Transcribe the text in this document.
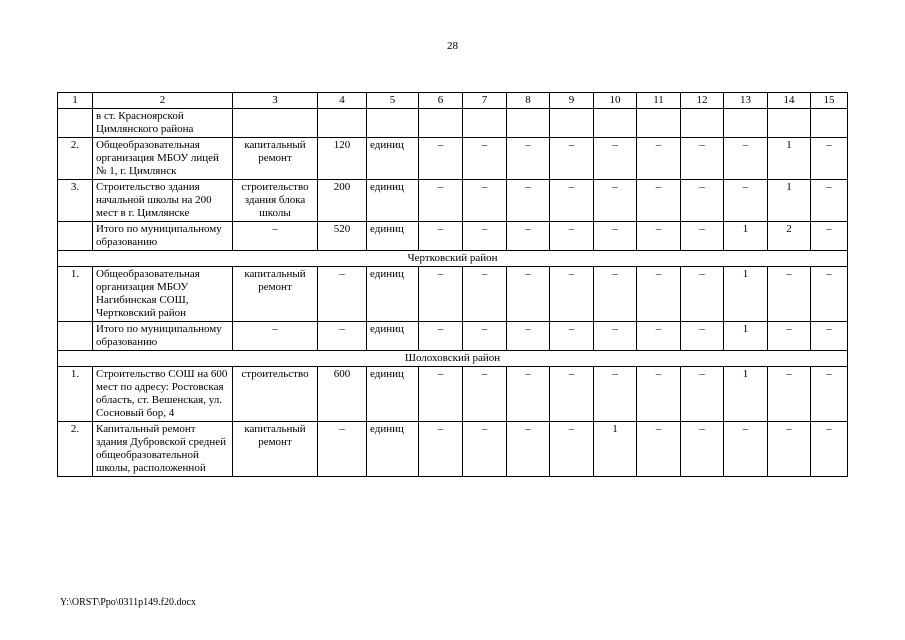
28
1	2	3	4	5	6	7	8	9	10	11	12	13	14	15
	в ст. Красноярской Цимлянского района													
2.	Общеобразовательная организация МБОУ лицей № 1, г. Цимлянск	капитальный ремонт	120	единиц	–	–	–	–	–	–	–	–	1	–
3.	Строительство здания начальной школы на 200 мест в г. Цимлянске	строительство здания блока школы	200	единиц	–	–	–	–	–	–	–	–	1	–
	Итого по муниципальному образованию	–	520	единиц	–	–	–	–	–	–	–	1	2	–
Чертковский район														
1.	Общеобразовательная организация МБОУ Нагибинская СОШ, Чертковский район	капитальный ремонт	–	единиц	–	–	–	–	–	–	–	1	–	–
	Итого по муниципальному образованию	–	–	единиц	–	–	–	–	–	–	–	1	–	–
Шолоховский район														
1.	Строительство СОШ на 600 мест по адресу: Ростовская область, ст. Вешенская, ул. Сосновый бор, 4	строительство	600	единиц	–	–	–	–	–	–	–	1	–	–
2.	Капитальный ремонт здания Дубровской средней общеобразовательной школы, расположенной	капитальный ремонт	–	единиц	–	–	–	–	1	–	–	–	–	–
Y:\ORST\Ppo\0311p149.f20.docx
